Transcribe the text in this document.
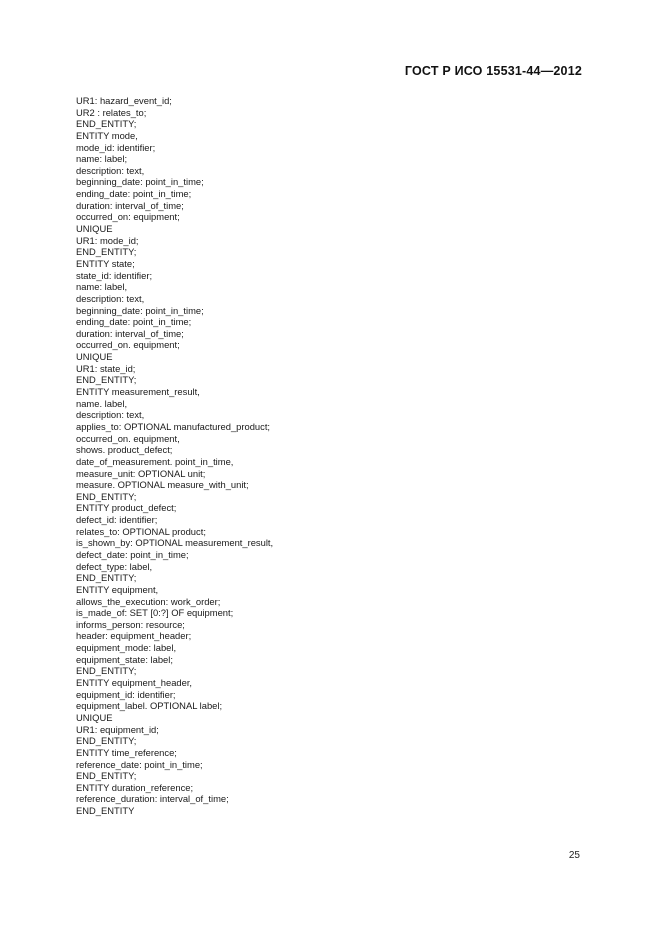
ГОСТ Р ИСО 15531-44—2012
UR1: hazard_event_id;
UR2 : relates_to;
END_ENTITY;
ENTITY mode,
mode_id: identifier;
name: label;
description: text,
beginning_date: point_in_time;
ending_date: point_in_time;
duration: interval_of_time;
occurred_on: equipment;
UNIQUE
UR1: mode_id;
END_ENTITY;
ENTITY state;
state_id: identifier;
name: label,
description: text,
beginning_date: point_in_time;
ending_date: point_in_time;
duration: interval_of_time;
occurred_on. equipment;
UNIQUE
UR1: state_id;
END_ENTITY;
ENTITY measurement_result,
name. label,
description: text,
applies_to: OPTIONAL manufactured_product;
occurred_on. equipment,
shows. product_defect;
date_of_measurement. point_in_time,
measure_unit: OPTIONAL unit;
measure. OPTIONAL measure_with_unit;
END_ENTITY;
ENTITY product_defect;
defect_id: identifier;
relates_to: OPTIONAL product;
is_shown_by: OPTIONAL measurement_result,
defect_date: point_in_time;
defect_type: label,
END_ENTITY;
ENTITY equipment,
allows_the_execution: work_order;
is_made_of: SET [0:?] OF equipment;
informs_person: resource;
header: equipment_header;
equipment_mode: label,
equipment_state: label;
END_ENTITY;
ENTITY equipment_header,
equipment_id: identifier;
equipment_label. OPTIONAL label;
UNIQUE
UR1: equipment_id;
END_ENTITY;
ENTITY time_reference;
reference_date: point_in_time;
END_ENTITY;
ENTITY duration_reference;
reference_duration: interval_of_time;
END_ENTITY
25
